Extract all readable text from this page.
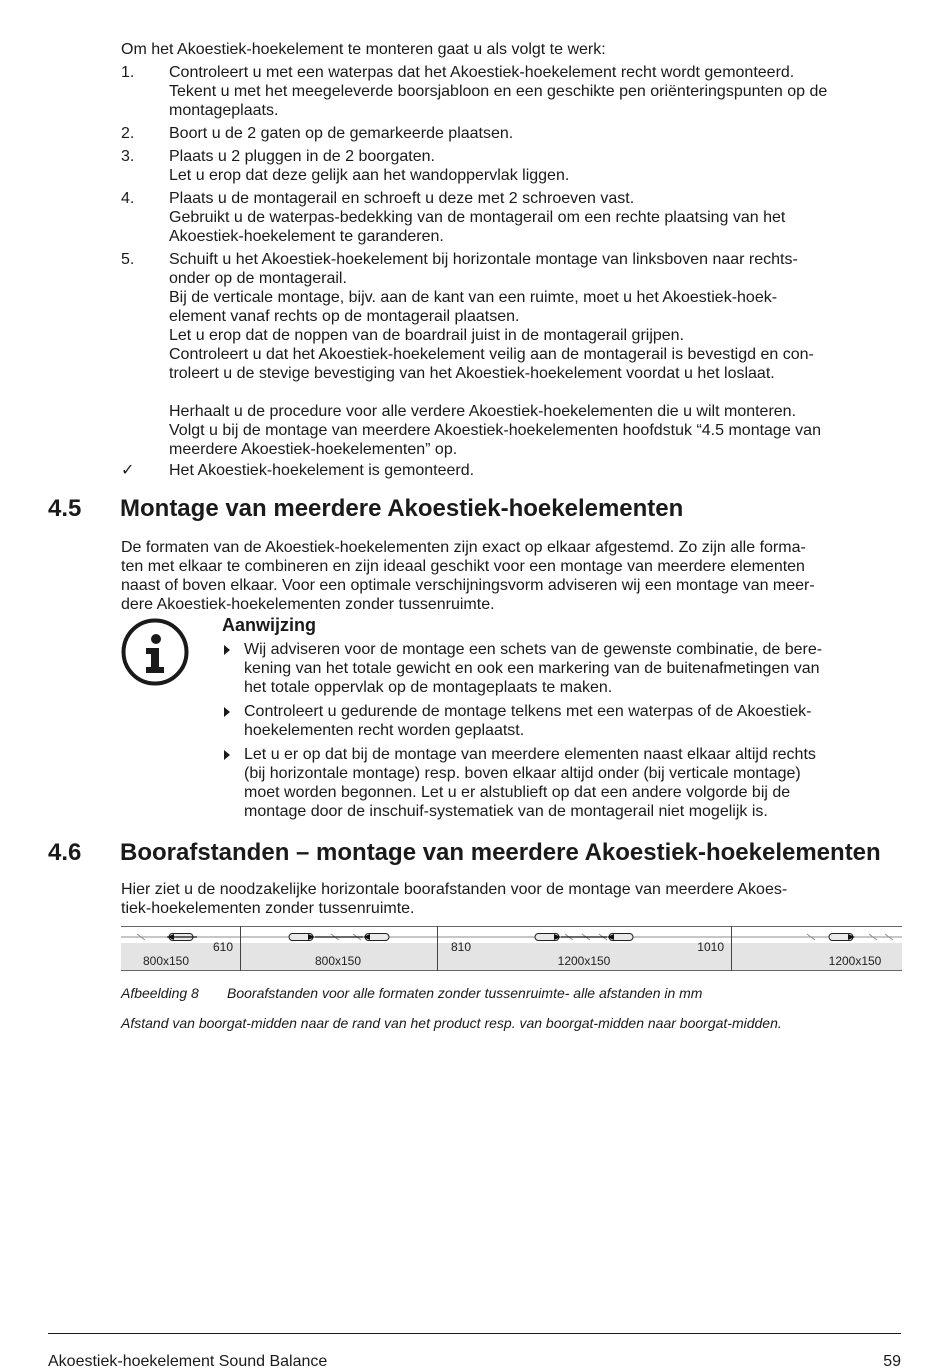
Om het Akoestiek-hoekelement te monteren gaat u als volgt te werk:
1. Controleert u met een waterpas dat het Akoestiek-hoekelement recht wordt gemonteerd.
Tekent u met het meegeleverde boorsjabloon en een geschikte pen oriënteringspunten op de
montageplaats.
2. Boort u de 2 gaten op de gemarkeerde plaatsen.
3. Plaats u 2 pluggen in de 2 boorgaten.
Let u erop dat deze gelijk aan het wandoppervlak liggen.
4. Plaats u de montagerail en schroeft u deze met 2 schroeven vast.
Gebruikt u de waterpas-bedekking van de montagerail om een rechte plaatsing van het
Akoestiek-hoekelement te garanderen.
5. Schuift u het Akoestiek-hoekelement bij horizontale montage van linksboven naar rechts-
onder op de montagerail.
Bij de verticale montage, bijv. aan de kant van een ruimte, moet u het Akoestiek-hoek-
element vanaf rechts op de montagerail plaatsen.
Let u erop dat de noppen van de boardrail juist in de montagerail grijpen.
Controleert u dat het Akoestiek-hoekelement veilig aan de montagerail is bevestigd en con-
troleert u de stevige bevestiging van het Akoestiek-hoekelement voordat u het loslaat.
Herhaalt u de procedure voor alle verdere Akoestiek-hoekelementen die u wilt monteren.
Volgt u bij de montage van meerdere Akoestiek-hoekelementen hoofdstuk “4.5 montage van
meerdere Akoestiek-hoekelementen” op.
✓ Het Akoestiek-hoekelement is gemonteerd.
4.5 Montage van meerdere Akoestiek-hoekelementen
De formaten van de Akoestiek-hoekelementen zijn exact op elkaar afgestemd. Zo zijn alle forma-
ten met elkaar te combineren en zijn ideaal geschikt voor een montage van meerdere elementen
naast of boven elkaar. Voor een optimale verschijningsvorm adviseren wij een montage van meer-
dere Akoestiek-hoekelementen zonder tussenruimte.
Aanwijzing
Wij adviseren voor de montage een schets van de gewenste combinatie, de bere-
kening van het totale gewicht en ook een markering van de buitenafmetingen van
het totale oppervlak op de montageplaats te maken.
Controleert u gedurende de montage telkens met een waterpas of de Akoestiek-
hoekelementen recht worden geplaatst.
Let u er op dat bij de montage van meerdere elementen naast elkaar altijd rechts
(bij horizontale montage) resp. boven elkaar altijd onder (bij verticale montage)
moet worden begonnen. Let u er alstublieft op dat een andere volgorde bij de
montage door de inschuif-systematiek van de montagerail niet mogelijk is.
4.6 Boorafstanden – montage van meerdere Akoestiek-hoekelementen
Hier ziet u de noodzakelijke horizontale boorafstanden voor de montage van meerdere Akoes-
tiek-hoekelementen zonder tussenruimte.
610	810	1010
800x150	800x150	1200x150	1200x150
Afbeelding 8 Boorafstanden voor alle formaten zonder tussenruimte- alle afstanden in mm
Afstand van boorgat-midden naar de rand van het product resp. van boorgat-midden naar boorgat-midden.
Akoestiek-hoekelement Sound Balance	59
